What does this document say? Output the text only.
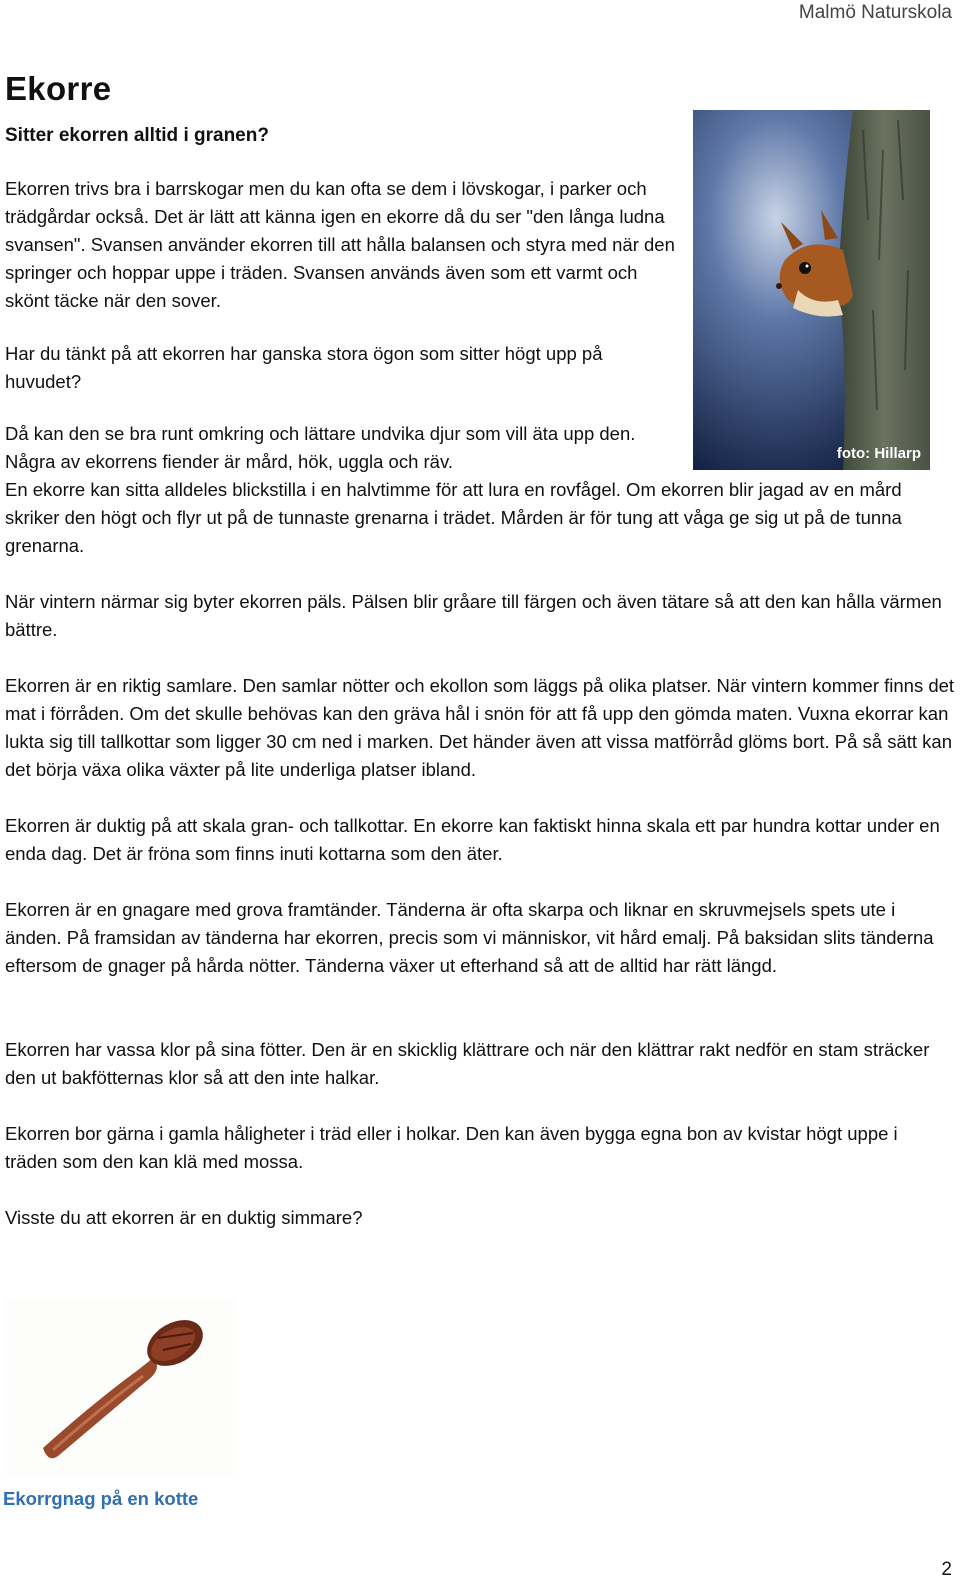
Malmö Naturskola
Ekorre
Sitter ekorren alltid i granen?

Ekorren trivs bra i barrskogar men du kan ofta se dem i lövskogar, i parker och trädgårdar också. Det är lätt att känna igen en ekorre då du ser "den långa ludna svansen". Svansen använder ekorren till att hålla balansen och styra med när den springer och hoppar uppe i träden. Svansen används även som ett varmt och skönt täcke när den sover.

Har du tänkt på att ekorren har ganska stora ögon som sitter högt upp på huvudet?

Då kan den se bra runt omkring och lättare undvika djur som vill äta upp den. Några av ekorrens fiender är mård, hök, uggla och räv.

En ekorre kan sitta alldeles blickstilla i en halvtimme för att lura en rovfågel. Om ekorren blir jagad av en mård skriker den högt och flyr ut på de tunnaste grenarna i trädet. Mården är för tung att våga ge sig ut på de tunna grenarna.

När vintern närmar sig byter ekorren päls. Pälsen blir gråare till färgen och även tätare så att den kan hålla värmen bättre.

Ekorren är en riktig samlare. Den samlar nötter och ekollon som läggs på olika platser. När vintern kommer finns det mat i förråden. Om det skulle behövas kan den gräva hål i snön för att få upp den gömda maten. Vuxna ekorrar kan lukta sig till tallkottar som ligger 30 cm ned i marken. Det händer även att vissa matförråd glöms bort. På så sätt kan det börja växa olika växter på lite underliga platser ibland.

Ekorren är duktig på att skala gran- och tallkottar. En ekorre kan faktiskt hinna skala ett par hundra kottar under en enda dag. Det är fröna som finns inuti kottarna som den äter.

Ekorren är en gnagare med grova framtänder. Tänderna är ofta skarpa och liknar en skruvmejsels spets ute i änden. På framsidan av tänderna har ekorren, precis som vi människor, vit hård emalj. På baksidan slits tänderna eftersom de gnager på hårda nötter. Tänderna växer ut efterhand så att de alltid har rätt längd.

Ekorren har vassa klor på sina fötter. Den är en skicklig klättrare och när den klättrar rakt nedför en stam sträcker den ut bakfötternas klor så att den inte halkar.

Ekorren bor gärna i gamla håligheter i träd eller i holkar. Den kan även bygga egna bon av kvistar högt uppe i träden som den kan klä med mossa.

Visste du att ekorren är en duktig simmare?

foto: Hillarp

Ekorrgnag på en kotte

2
